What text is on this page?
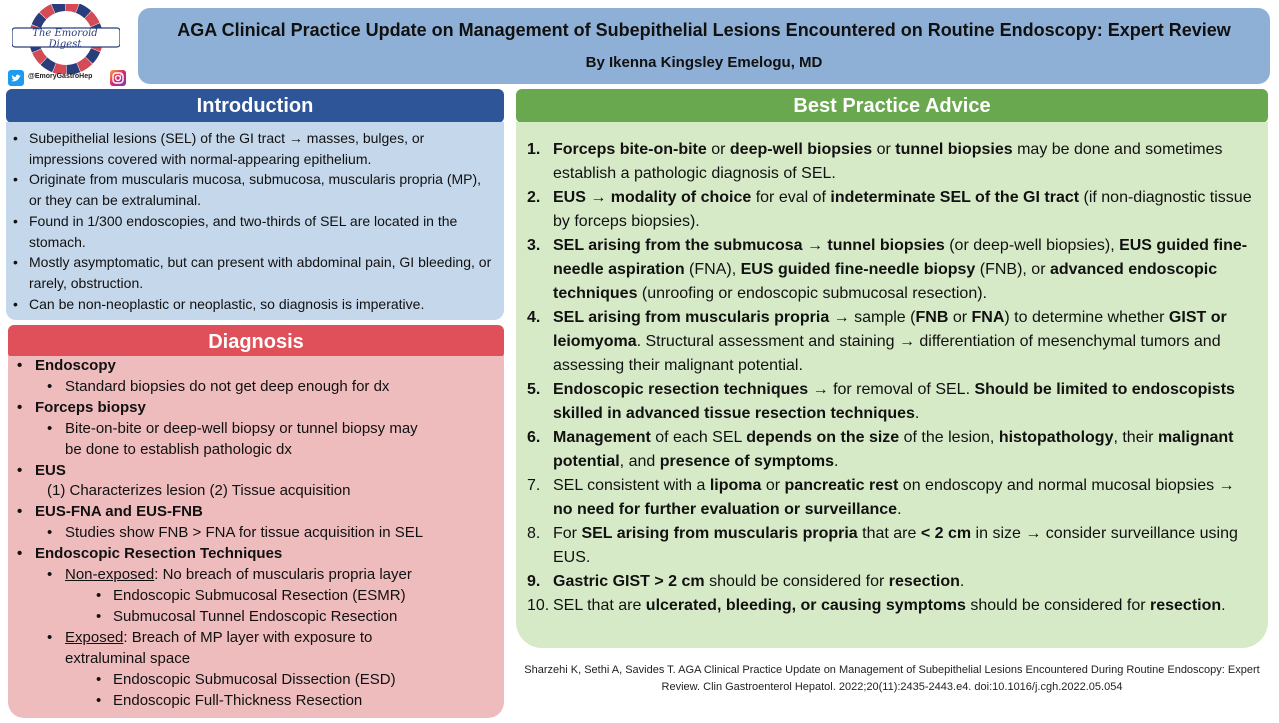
The Emoroid Digest
@EmoryGastroHep
AGA Clinical Practice Update on Management of Subepithelial Lesions Encountered on Routine Endoscopy: Expert Review
By Ikenna Kingsley Emelogu, MD
Introduction
• Subepithelial lesions (SEL) of the GI tract → masses, bulges, or impressions covered with normal-appearing epithelium.
• Originate from muscularis mucosa, submucosa, muscularis propria (MP), or they can be extraluminal.
• Found in 1/300 endoscopies, and two-thirds of SEL are located in the stomach.
• Mostly asymptomatic, but can present with abdominal pain, GI bleeding, or rarely, obstruction.
• Can be non-neoplastic or neoplastic, so diagnosis is imperative.
Diagnosis
• Endoscopy
• Standard biopsies do not get deep enough for dx
• Forceps biopsy
• Bite-on-bite or deep-well biopsy or tunnel biopsy may
be done to establish pathologic dx
• EUS
(1) Characterizes lesion (2) Tissue acquisition
• EUS-FNA and EUS-FNB
• Studies show FNB > FNA for tissue acquisition in SEL
• Endoscopic Resection Techniques
• Non-exposed: No breach of muscularis propria layer
• Endoscopic Submucosal Resection (ESMR)
• Submucosal Tunnel Endoscopic Resection
• Exposed: Breach of MP layer with exposure to
extraluminal space
• Endoscopic Submucosal Dissection (ESD)
• Endoscopic Full-Thickness Resection
Best Practice Advice
1. Forceps bite-on-bite or deep-well biopsies or tunnel biopsies may be done and sometimes establish a pathologic diagnosis of SEL.
2. EUS → modality of choice for eval of indeterminate SEL of the GI tract (if non-diagnostic tissue by forceps biopsies).
3. SEL arising from the submucosa → tunnel biopsies (or deep-well biopsies), EUS guided fine-needle aspiration (FNA), EUS guided fine-needle biopsy (FNB), or advanced endoscopic techniques (unroofing or endoscopic submucosal resection).
4. SEL arising from muscularis propria → sample (FNB or FNA) to determine whether GIST or leiomyoma. Structural assessment and staining → differentiation of mesenchymal tumors and assessing their malignant potential.
5. Endoscopic resection techniques → for removal of SEL. Should be limited to endoscopists skilled in advanced tissue resection techniques.
6. Management of each SEL depends on the size of the lesion, histopathology, their malignant potential, and presence of symptoms.
7. SEL consistent with a lipoma or pancreatic rest on endoscopy and normal mucosal biopsies → no need for further evaluation or surveillance.
8. For SEL arising from muscularis propria that are < 2 cm in size → consider surveillance using EUS.
9. Gastric GIST > 2 cm should be considered for resection.
10. SEL that are ulcerated, bleeding, or causing symptoms should be considered for resection.
Sharzehi K, Sethi A, Savides T. AGA Clinical Practice Update on Management of Subepithelial Lesions Encountered During Routine Endoscopy: Expert Review. Clin Gastroenterol Hepatol. 2022;20(11):2435-2443.e4. doi:10.1016/j.cgh.2022.05.054
